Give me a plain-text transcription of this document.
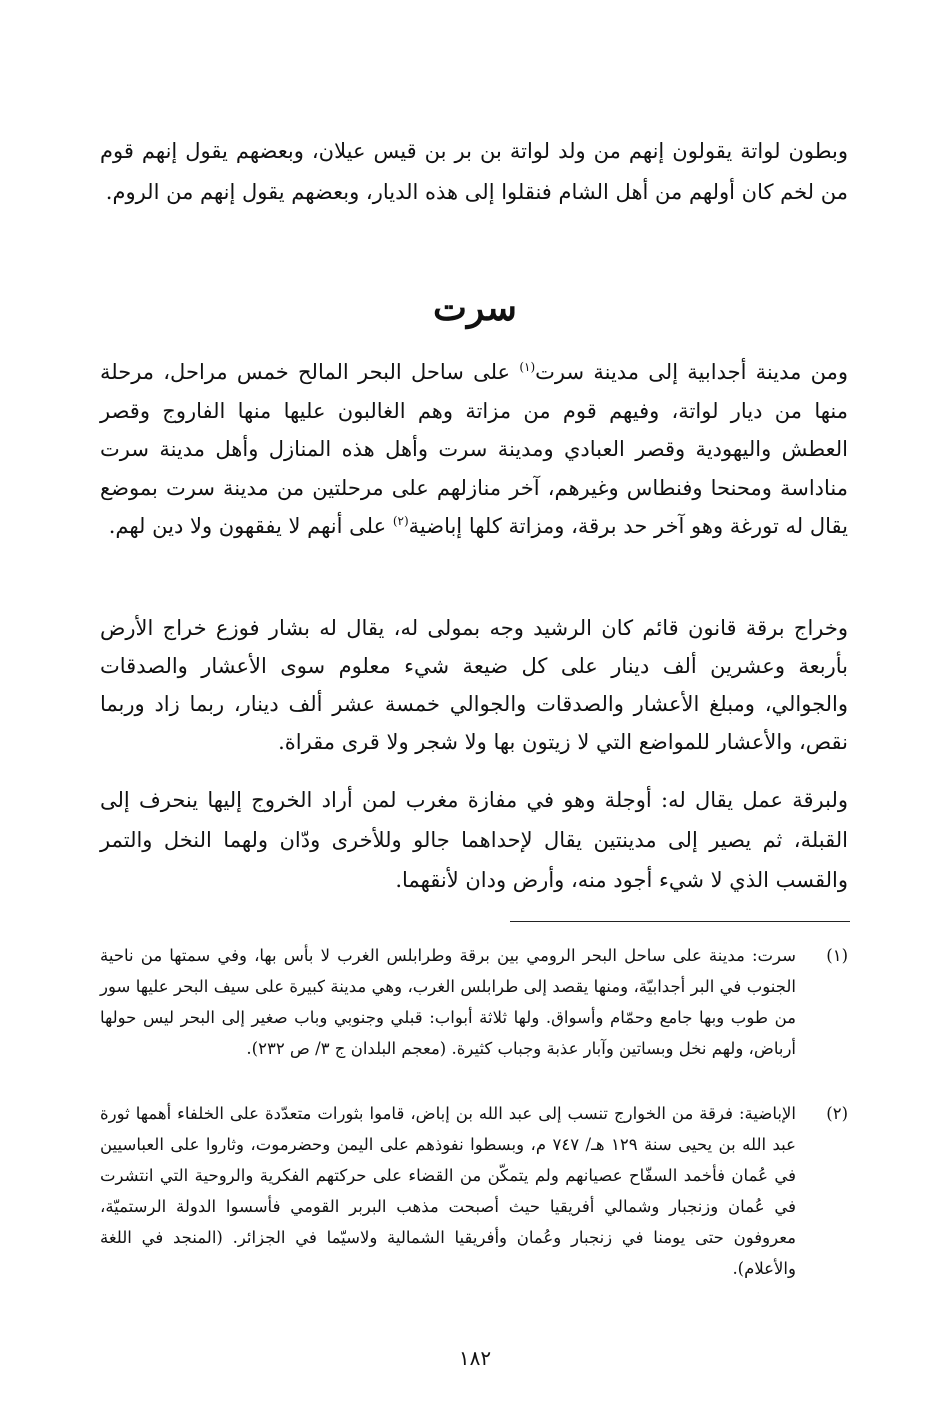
وبطون لواتة يقولون إنهم من ولد لواتة بن بر بن قيس عيلان، وبعضهم يقول إنهم قوم من لخم كان أولهم من أهل الشام فنقلوا إلى هذه الديار، وبعضهم يقول إنهم من الروم.

سرت

ومن مدينة أجدابية إلى مدينة سرت$^{(١)}$ على ساحل البحر المالح خمس مراحل، مرحلة منها من ديار لواتة، وفيهم قوم من مزاتة وهم الغالبون عليها منها الفاروج وقصر العطش واليهودية وقصر العبادي ومدينة سرت وأهل هذه المنازل وأهل مدينة سرت مناداسة ومحنحا وفنطاس وغيرهم، آخر منازلهم على مرحلتين من مدينة سرت بموضع يقال له تورغة وهو آخر حد برقة، ومزاتة كلها إباضية$^{(٢)}$ على أنهم لا يفقهون ولا دين لهم.

وخراج برقة قانون قائم كان الرشيد وجه بمولى له، يقال له بشار فوزع خراج الأرض بأربعة وعشرين ألف دينار على كل ضيعة شيء معلوم سوى الأعشار والصدقات والجوالي، ومبلغ الأعشار والصدقات والجوالي خمسة عشر ألف دينار، ربما زاد وربما نقص، والأعشار للمواضع التي لا زيتون بها ولا شجر ولا قرى مقراة.

ولبرقة عمل يقال له: أوجلة وهو في مفازة مغرب لمن أراد الخروج إليها ينحرف إلى القبلة، ثم يصير إلى مدينتين يقال لإحداهما جالو وللأخرى ودّان ولهما النخل والتمر والقسب الذي لا شيء أجود منه، وأرض ودان لأنقهما.

(١)
سرت: مدينة على ساحل البحر الرومي بين برقة وطرابلس الغرب لا بأس بها، وفي سمتها من ناحية الجنوب في البر أجدابيّة، ومنها يقصد إلى طرابلس الغرب، وهي مدينة كبيرة على سيف البحر عليها سور من طوب وبها جامع وحمّام وأسواق. ولها ثلاثة أبواب: قبلي وجنوبي وباب صغير إلى البحر ليس حولها أرباض، ولهم نخل وبساتين وآبار عذبة وجباب كثيرة. (معجم البلدان ج ٣/ ص ٢٣٢).
(٢)
الإباضية: فرقة من الخوارج تنسب إلى عبد الله بن إباض، قاموا بثورات متعدّدة على الخلفاء أهمها ثورة عبد الله بن يحيى سنة ١٢٩ هـ/ ٧٤٧ م، وبسطوا نفوذهم على اليمن وحضرموت، وثاروا على العباسيين في عُمان فأخمد السفّاح عصيانهم ولم يتمكّن من القضاء على حركتهم الفكرية والروحية التي انتشرت في عُمان وزنجبار وشمالي أفريقيا حيث أصبحت مذهب البربر القومي فأسسوا الدولة الرستميّة، معروفون حتى يومنا في زنجبار وعُمان وأفريقيا الشمالية ولاسيّما في الجزائر. (المنجد في اللغة والأعلام).
١٨٢
